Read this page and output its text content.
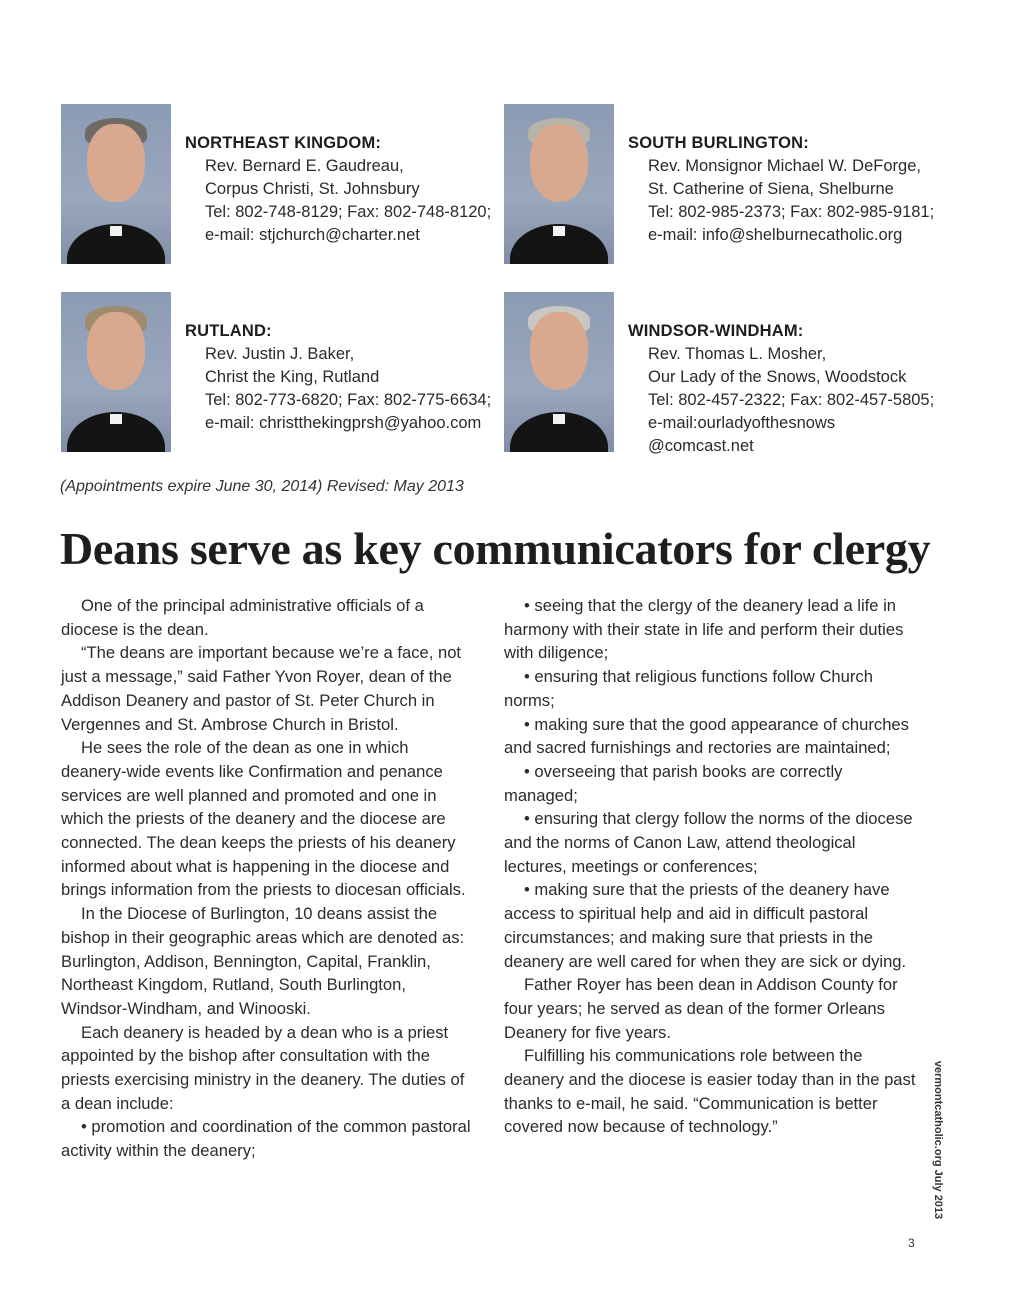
NORTHEAST KINGDOM:
Rev. Bernard E. Gaudreau,
Corpus Christi, St. Johnsbury
Tel: 802-748-8129; Fax: 802-748-8120;
e-mail: stjchurch@charter.net
SOUTH BURLINGTON:
Rev. Monsignor Michael W. DeForge,
St. Catherine of Siena, Shelburne
Tel: 802-985-2373; Fax: 802-985-9181;
e-mail: info@shelburnecatholic.org
RUTLAND:
Rev. Justin J. Baker,
Christ the King, Rutland
Tel: 802-773-6820; Fax: 802-775-6634;
e-mail: christthekingprsh@yahoo.com
WINDSOR-WINDHAM:
Rev. Thomas L. Mosher,
Our Lady of the Snows, Woodstock
Tel: 802-457-2322; Fax: 802-457-5805;
e-mail:ourladyofthesnows
@comcast.net
(Appointments expire June 30, 2014) Revised: May 2013
Deans serve as key communicators for clergy

One of the principal administrative officials of a diocese is the dean.

“The deans are important because we’re a face, not just a message,” said Father Yvon Royer, dean of the Addison Deanery and pastor of St. Peter Church in Vergennes and St. Ambrose Church in Bristol.

He sees the role of the dean as one in which deanery-wide events like Confirmation and penance services are well planned and promoted and one in which the priests of the deanery and the diocese are connected. The dean keeps the priests of his deanery informed about what is happening in the diocese and brings information from the priests to diocesan officials.

In the Diocese of Burlington, 10 deans assist the bishop in their geographic areas which are denoted as: Burlington, Addison, Bennington, Capital, Franklin, Northeast Kingdom, Rutland, South Burlington, Windsor-Windham, and Winooski.

Each deanery is headed by a dean who is a priest appointed by the bishop after consultation with the priests exercising ministry in the deanery. The duties of a dean include:

• promotion and coordination of the common pastoral activity within the deanery;

• seeing that the clergy of the deanery lead a life in harmony with their state in life and perform their duties with diligence;

• ensuring that religious functions follow Church norms;

• making sure that the good appearance of churches and sacred furnishings and rectories are maintained;

• overseeing that parish books are correctly managed;

• ensuring that clergy follow the norms of the diocese and the norms of Canon Law, attend theological lectures, meetings or conferences;

• making sure that the priests of the deanery have access to spiritual help and aid in difficult pastoral circumstances; and making sure that priests in the deanery are well cared for when they are sick or dying.

Father Royer has been dean in Addison County for four years; he served as dean of the former Orleans Deanery for five years.

Fulfilling his communications role between the deanery and the diocese is easier today than in the past thanks to e-mail, he said. “Communication is better covered now because of technology.”	vermontcatholic.org July 2013
3
